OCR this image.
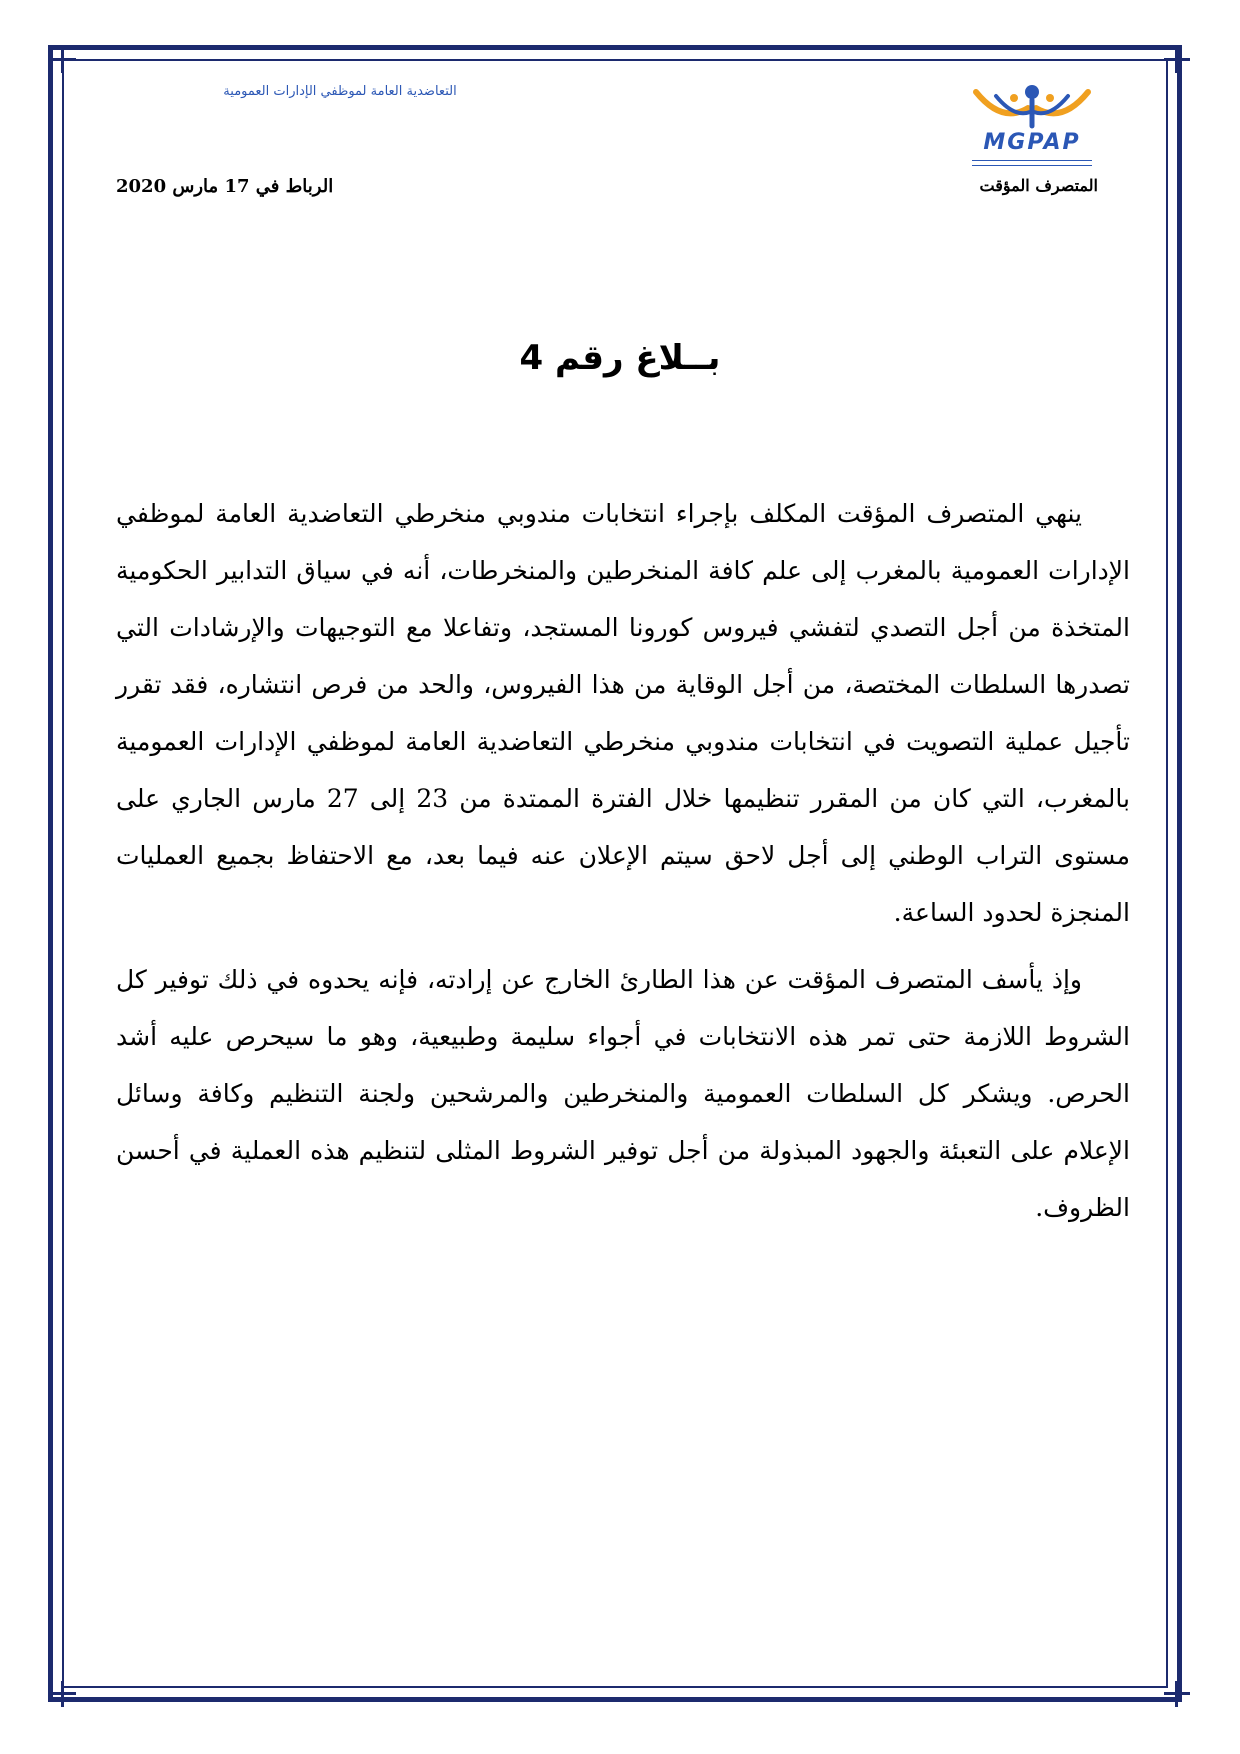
التعاضدية العامة لموظفي الإدارات العمومية
MGPAP
المتصرف المؤقت
الرباط في 17 مارس 2020
بــلاغ رقم 4

ينهي المتصرف المؤقت المكلف بإجراء انتخابات مندوبي منخرطي التعاضدية العامة لموظفي الإدارات العمومية بالمغرب إلى علم كافة المنخرطين والمنخرطات، أنه في سياق التدابير الحكومية المتخذة من أجل التصدي لتفشي فيروس كورونا المستجد، وتفاعلا مع التوجيهات والإرشادات التي تصدرها السلطات المختصة، من أجل الوقاية من هذا الفيروس، والحد من فرص انتشاره، فقد تقرر تأجيل عملية التصويت في انتخابات مندوبي منخرطي التعاضدية العامة لموظفي الإدارات العمومية بالمغرب، التي كان من المقرر تنظيمها خلال الفترة الممتدة من 23 إلى 27 مارس الجاري على مستوى التراب الوطني إلى أجل لاحق سيتم الإعلان عنه فيما بعد، مع الاحتفاظ بجميع العمليات المنجزة لحدود الساعة.

وإذ يأسف المتصرف المؤقت عن هذا الطارئ الخارج عن إرادته، فإنه يحدوه في ذلك توفير كل الشروط اللازمة حتى تمر هذه الانتخابات في أجواء سليمة وطبيعية، وهو ما سيحرص عليه أشد الحرص. ويشكر كل السلطات العمومية والمنخرطين والمرشحين ولجنة التنظيم وكافة وسائل الإعلام على التعبئة والجهود المبذولة من أجل توفير الشروط المثلى لتنظيم هذه العملية في أحسن الظروف.
